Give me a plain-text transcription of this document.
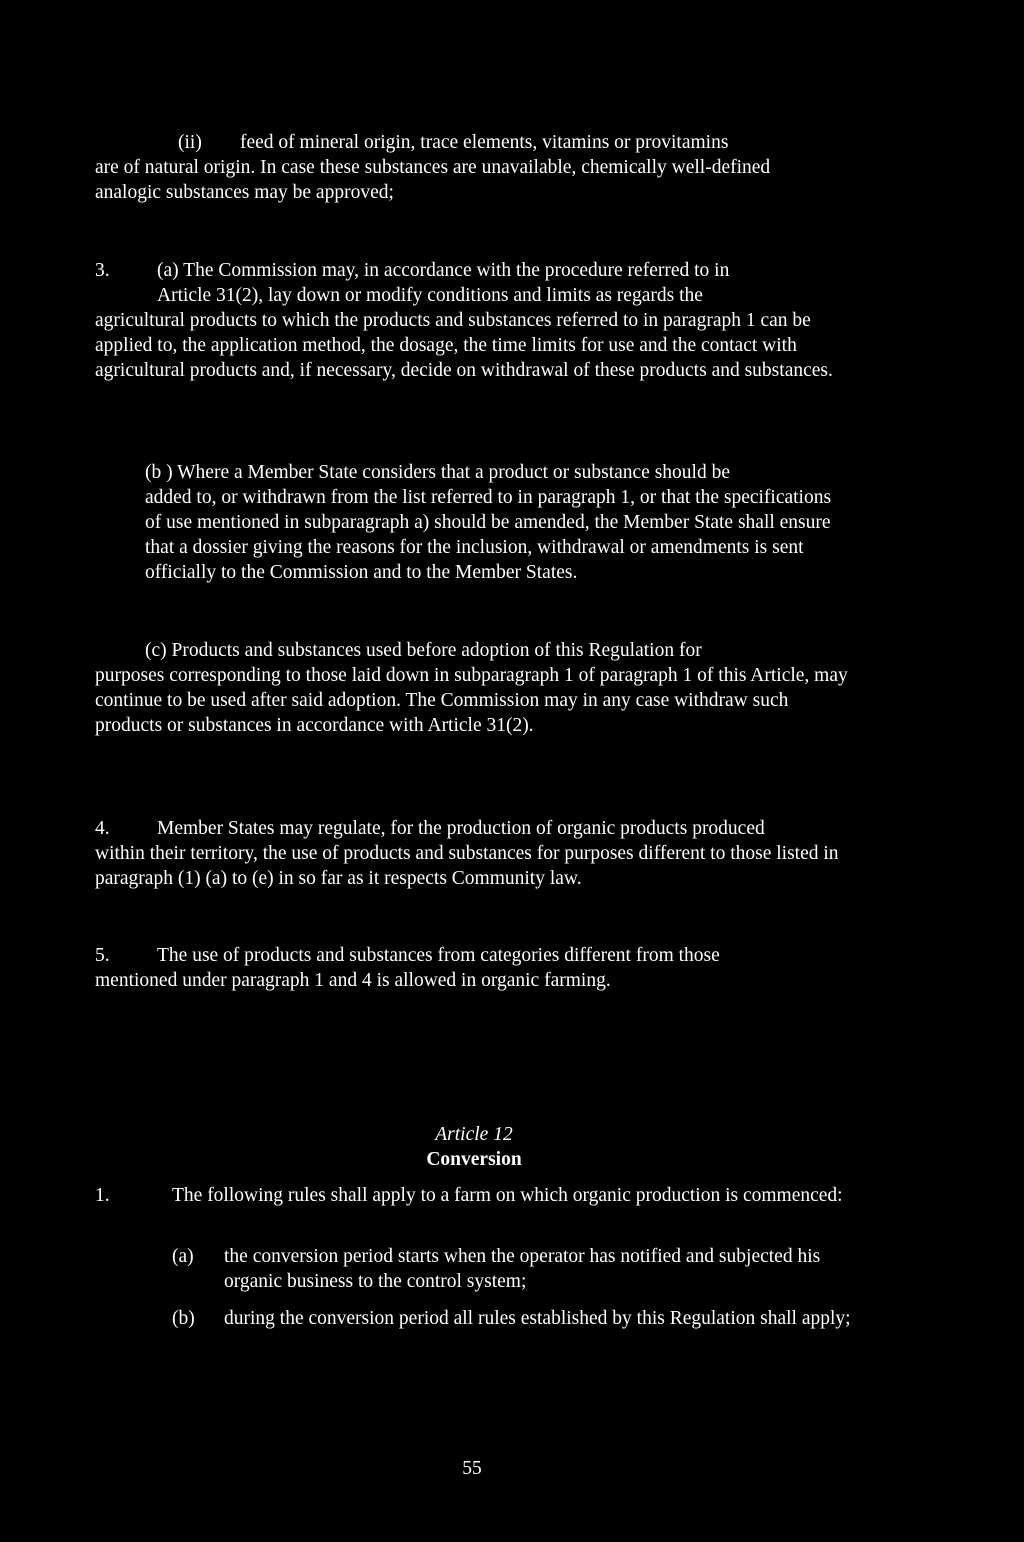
(ii) feed of mineral origin, trace elements, vitamins or provitamins

are of natural origin. In case these substances are unavailable, chemically well-defined analogic substances may be approved;

3. (a) The Commission may, in accordance with the procedure referred to in

Article 31(2), lay down or modify conditions and limits as regards the

agricultural products to which the products and substances referred to in paragraph 1 can be applied to, the application method, the dosage, the time limits for use and the contact with agricultural products and, if necessary, decide on withdrawal of these products and substances.

(b ) Where a Member State considers that a product or substance should be

added to, or withdrawn from the list referred to in paragraph 1, or that the specifications of use mentioned in subparagraph a) should be amended, the Member State shall ensure that a dossier giving the reasons for the inclusion, withdrawal or amendments is sent officially to the Commission and to the Member States.

(c) Products and substances used before adoption of this Regulation for

purposes corresponding to those laid down in subparagraph 1 of paragraph 1 of this Article, may continue to be used after said adoption. The Commission may in any case withdraw such products or substances in accordance with Article 31(2).

4. Member States may regulate, for the production of organic products produced

within their territory, the use of products and substances for purposes different to those listed in paragraph (1) (a) to (e) in so far as it respects Community law.

5. The use of products and substances from categories different from those

mentioned under paragraph 1 and 4 is allowed in organic farming.

Article 12

Conversion

1.	The following rules shall apply to a farm on which organic production is commenced:

(a)	the conversion period starts when the operator has notified and subjected his organic business to the control system;

(b)	during the conversion period all rules established by this Regulation shall apply;

55
